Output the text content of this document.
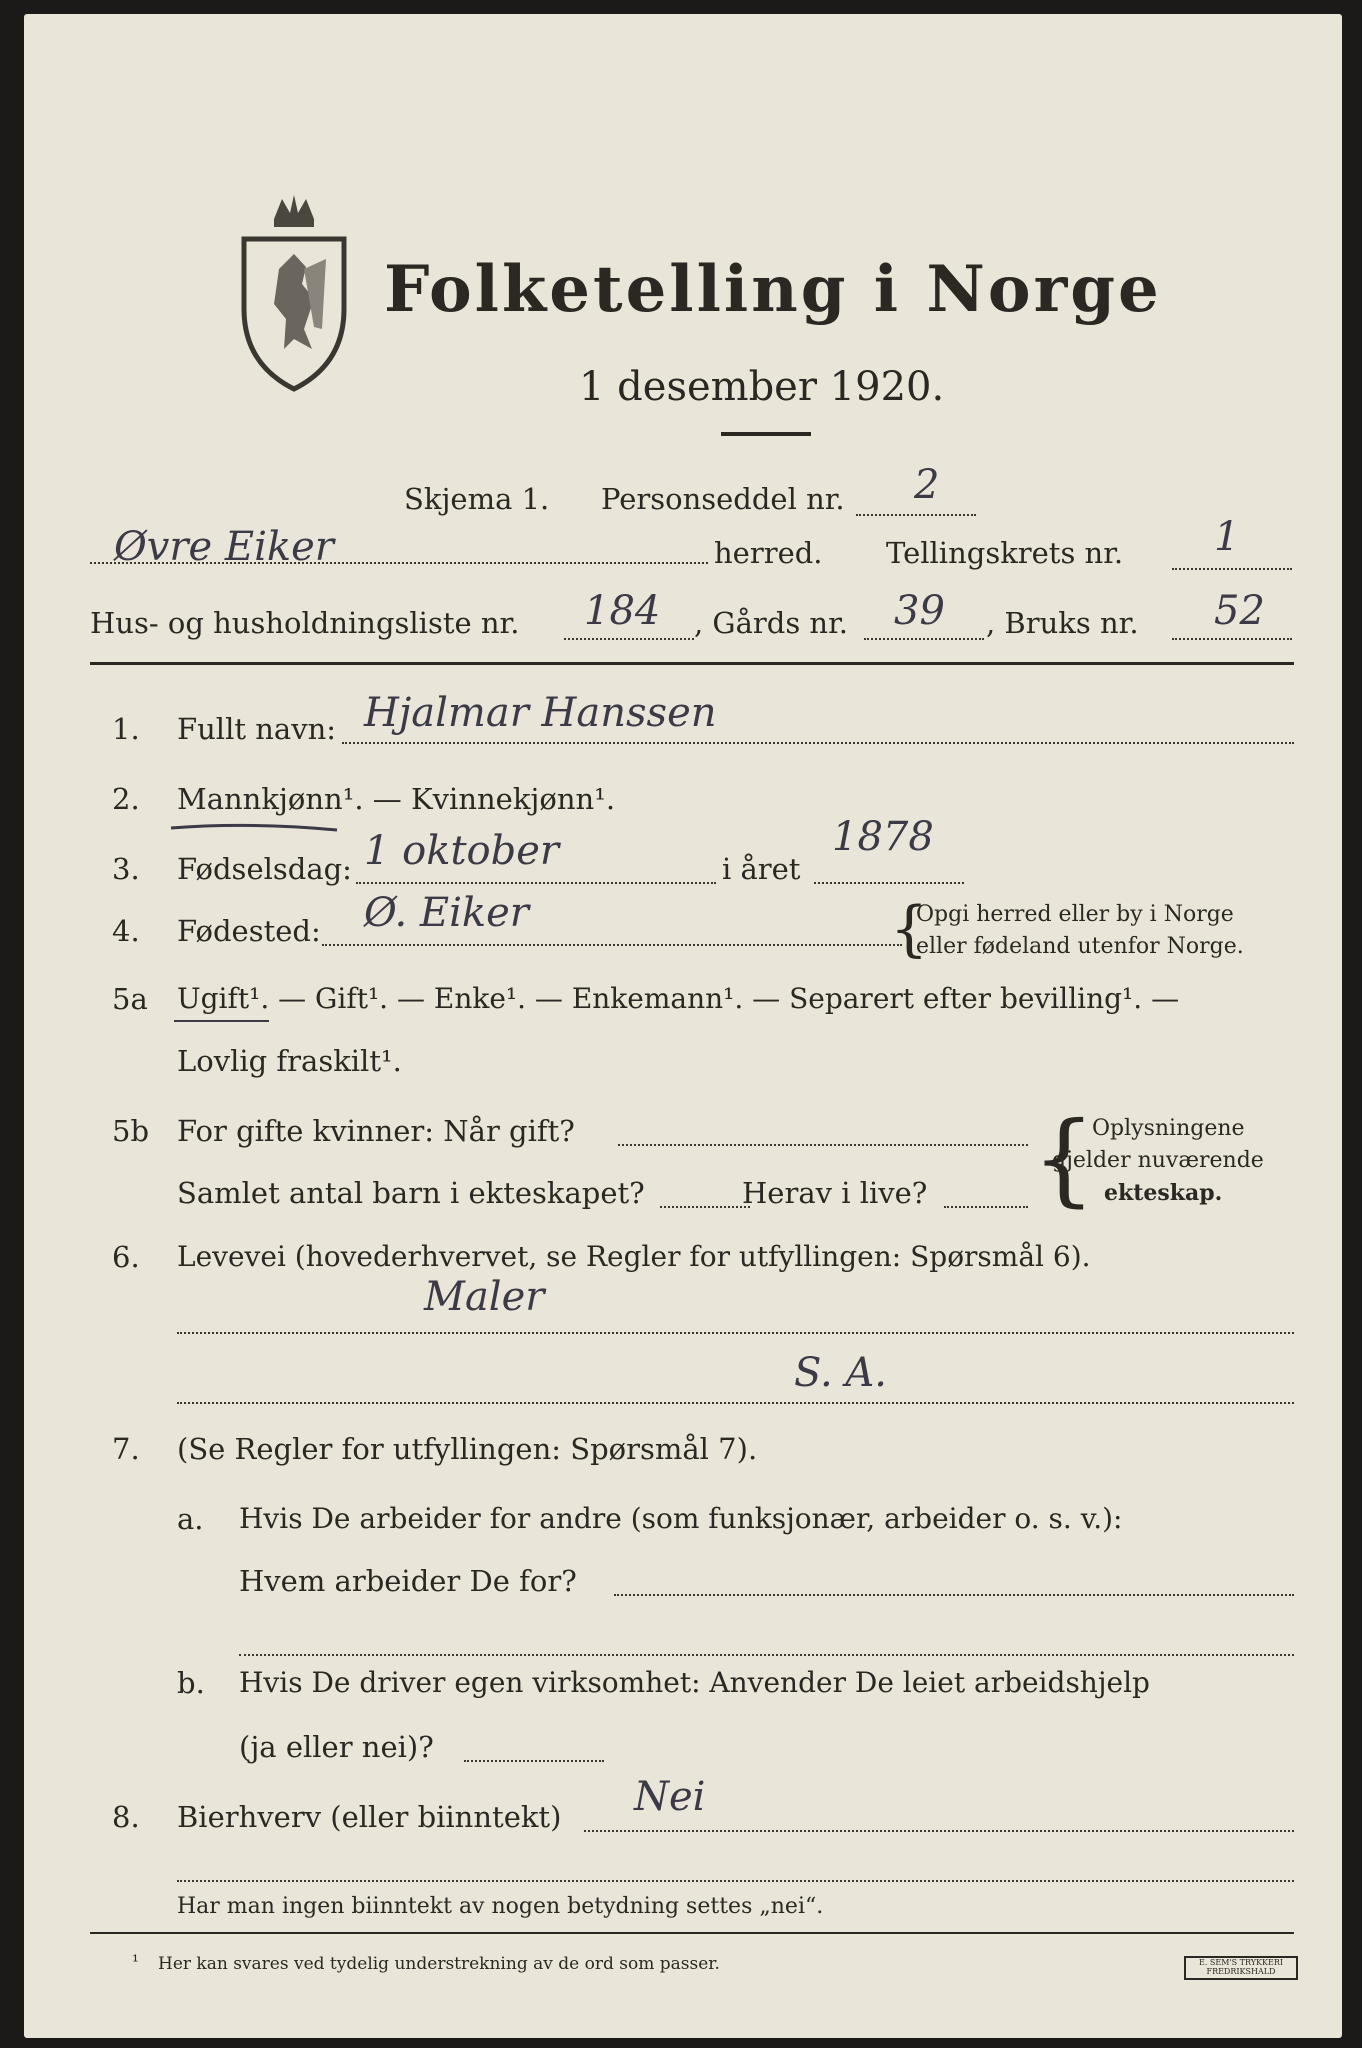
Folketelling i Norge
1 desember 1920.
Skjema 1. Personseddel nr. 2
Øvre Eiker	herred. Tellingskrets nr. 1
Hus- og husholdningsliste nr. 184 , Gårds nr. 39 , Bruks nr. 52
1. Fullt navn: Hjalmar Hanssen
2. Mannkjønn¹. — Kvinnekjønn¹.
3. Fødselsdag: 1 oktober	i året
1878
4. Fødested: Ø. Eiker	{
Opgi herred eller by i Norge
eller fødeland utenfor Norge.
5a Ugift¹. — Gift¹. — Enke¹. — Enkemann¹. — Separert efter bevilling¹. —
Lovlig fraskilt¹.
5b For gifte kvinner: Når gift?
Samlet antal barn i ekteskapet?	Herav i live? {
Oplysningene
gjelder nuværende
ekteskap.
6. Levevei (hovederhvervet, se Regler for utfyllingen: Spørsmål 6).
Maler
S. A.
7. (Se Regler for utfyllingen: Spørsmål 7).
a. Hvis De arbeider for andre (som funksjonær, arbeider o. s. v.):
Hvem arbeider De for?
b. Hvis De driver egen virksomhet: Anvender De leiet arbeidshjelp
(ja eller nei)?
8. Bierhverv (eller biinntekt) Nei
Har man ingen biinntekt av nogen betydning settes „nei“.
¹ Her kan svares ved tydelig understrekning av de ord som passer.	E. SEM'S TRYKKERI FREDRIKSHALD
